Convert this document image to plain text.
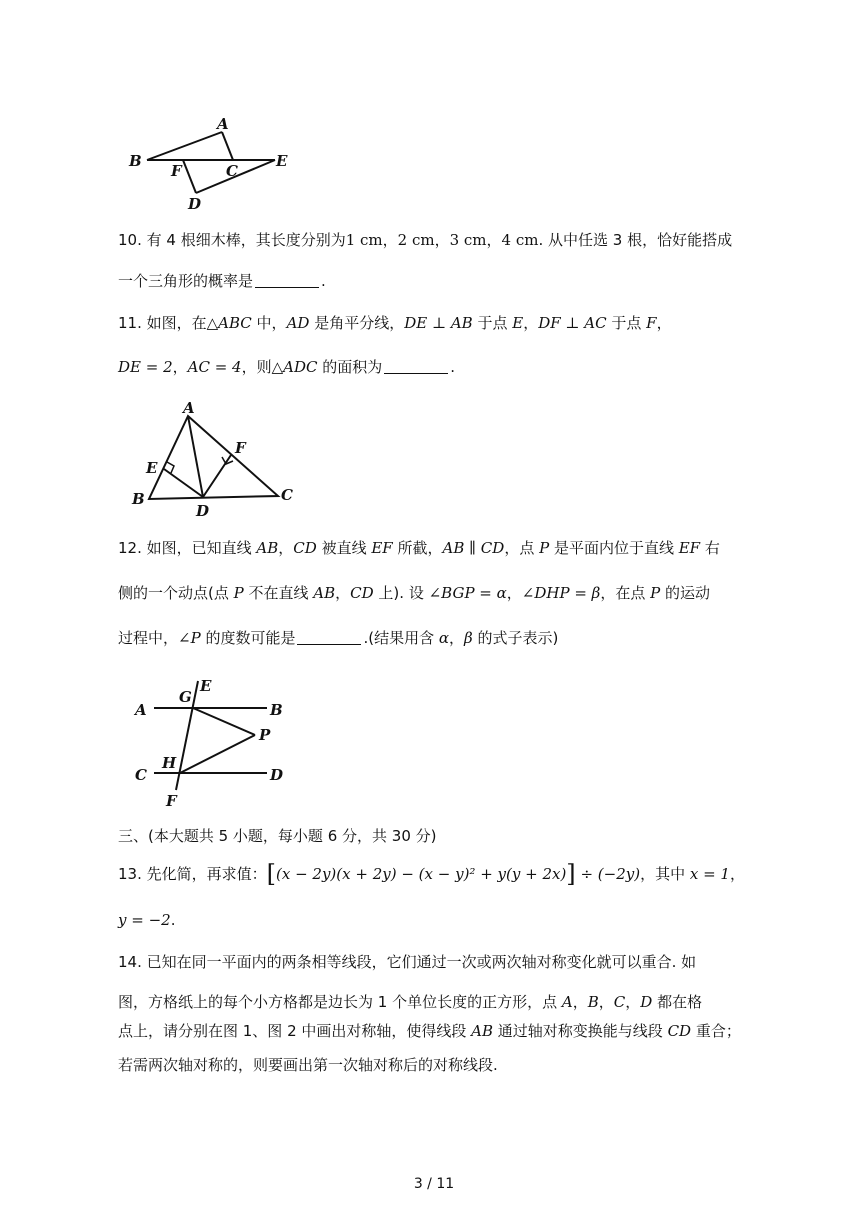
A
B
F	C
E
D
10. 有 4 根细木棒，其长度分别为1 cm，2 cm，3 cm，4 cm. 从中任选 3 根，恰好能搭成
一个三角形的概率是	.
11. 如图，在△ABC 中，AD 是角平分线，DE ⊥ AB 于点 E，DF ⊥ AC 于点 F，
DE = 2，AC = 4，则△ADC 的面积为	.
A
E
F
B
D
C
12. 如图，已知直线 AB，CD 被直线 EF 所截，AB ∥ CD，点 P 是平面内位于直线 EF 右
侧的一个动点(点 P 不在直线 AB，CD 上). 设 ∠BGP = α，∠DHP = β，在点 P 的运动
过程中，∠P 的度数可能是	.(结果用含 α，β 的式子表示)
A
G
E
B
P
C
H
D
F
三、(本大题共 5 小题，每小题 6 分，共 30 分)
13. 先化简，再求值：[(x − 2y)(x + 2y) − (x − y)² + y(y + 2x)] ÷ (−2y)，其中 x = 1，
y = −2.
14. 已知在同一平面内的两条相等线段，它们通过一次或两次轴对称变化就可以重合. 如
图，方格纸上的每个小方格都是边长为 1 个单位长度的正方形，点 A，B，C，D 都在格
点上，请分别在图 1、图 2 中画出对称轴，使得线段 AB 通过轴对称变换能与线段 CD 重合；
若需两次轴对称的，则要画出第一次轴对称后的对称线段.
3 / 11
